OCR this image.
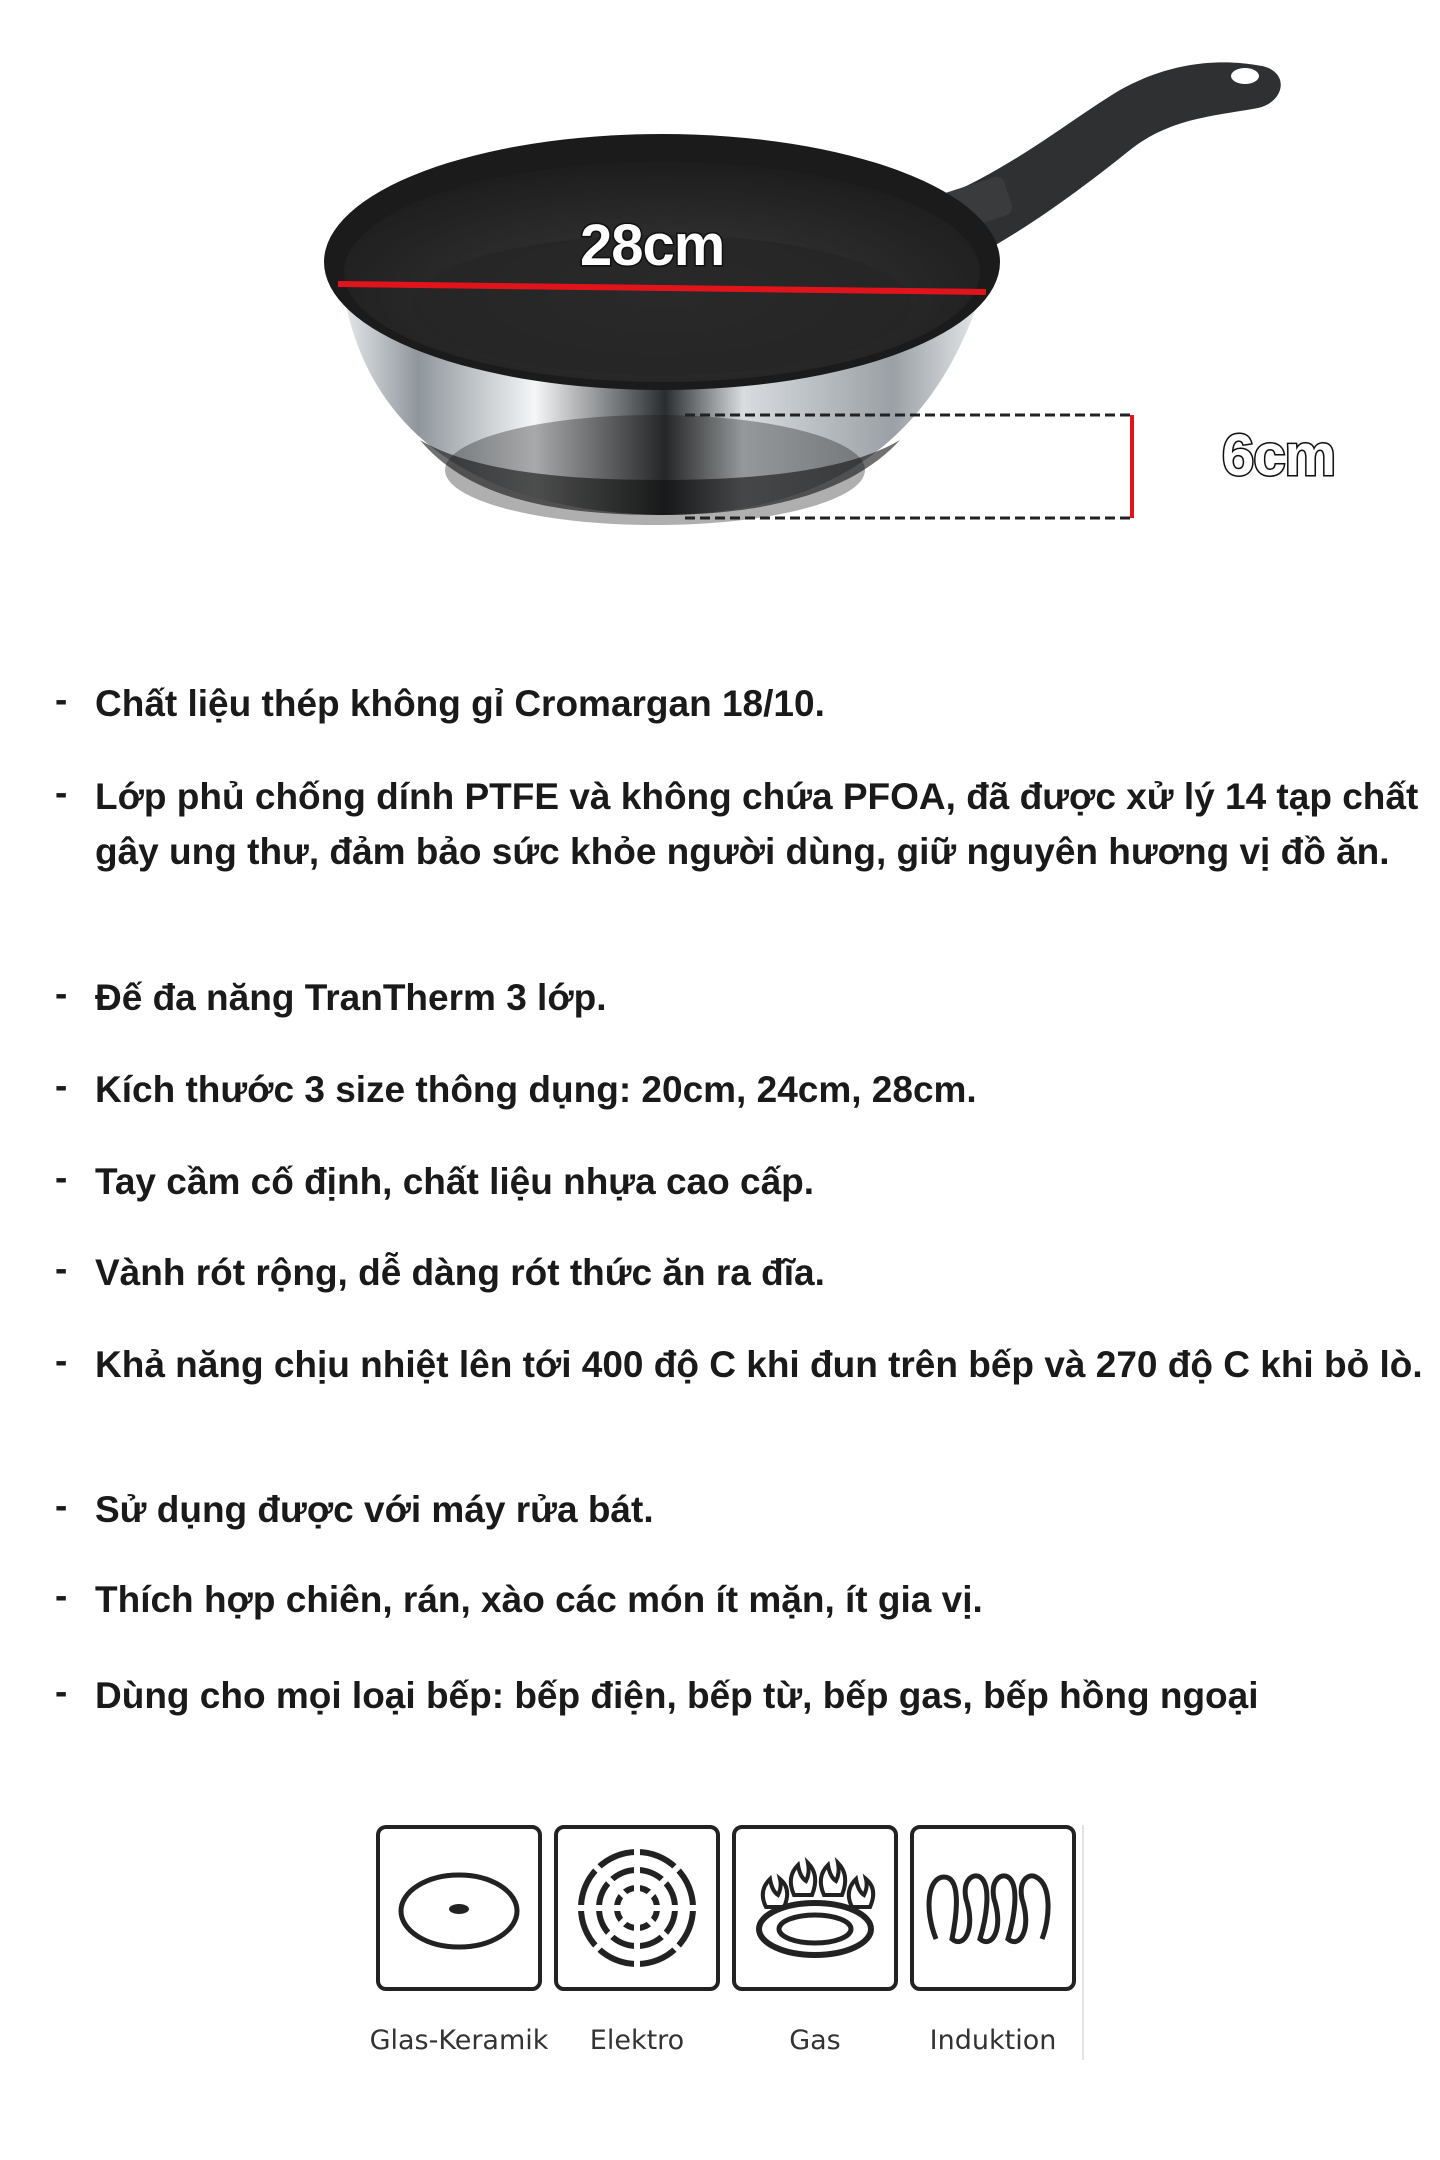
28cm
6cm
- Chất liệu thép không gỉ Cromargan 18/10.
- Lớp phủ chống dính PTFE và không chứa PFOA, đã được xử lý 14 tạp chất gây ung thư, đảm bảo sức khỏe người dùng, giữ nguyên hương vị đồ ăn.
- Đế đa năng TranTherm 3 lớp.
- Kích thước 3 size thông dụng: 20cm, 24cm, 28cm.
- Tay cầm cố định, chất liệu nhựa cao cấp.
- Vành rót rộng, dễ dàng rót thức ăn ra đĩa.
- Khả năng chịu nhiệt lên tới 400 độ C khi đun trên bếp và 270 độ C khi bỏ lò.
- Sử dụng được với máy rửa bát.
- Thích hợp chiên, rán, xào các món ít mặn, ít gia vị.
- Dùng cho mọi loại bếp: bếp điện, bếp từ, bếp gas, bếp hồng ngoại
Glas-Keramik	Elektro	Gas	Induktion
